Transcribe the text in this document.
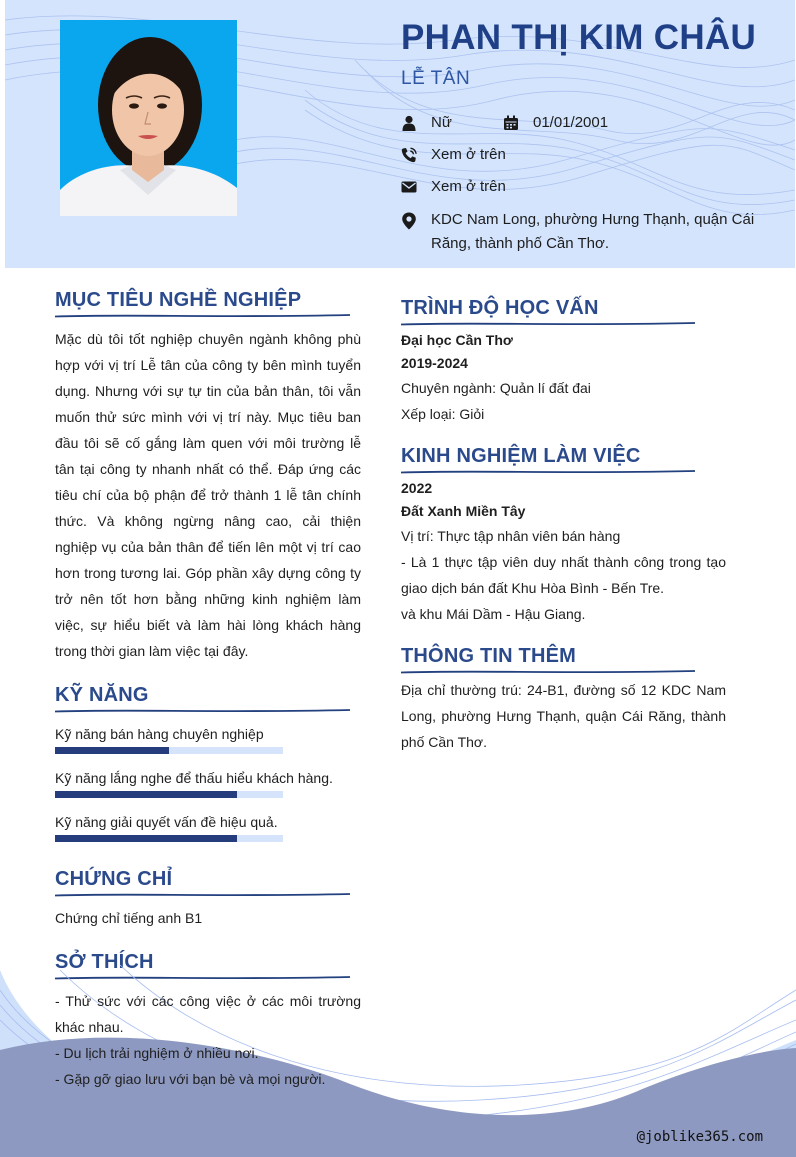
PHAN THỊ KIM CHÂU
LỄ TÂN
Nữ	01/01/2001
Xem ở trên
Xem ở trên
KDC Nam Long, phường Hưng Thạnh, quận Cái Răng, thành phố Cần Thơ.
MỤC TIÊU NGHỀ NGHIỆP
Mặc dù tôi tốt nghiệp chuyên ngành không phù hợp với vị trí Lễ tân của công ty bên mình tuyển dụng. Nhưng với sự tự tin của bản thân, tôi vẫn muốn thử sức mình với vị trí này. Mục tiêu ban đầu tôi sẽ cố gắng làm quen với môi trường lễ tân tại công ty nhanh nhất có thể. Đáp ứng các tiêu chí của bộ phận để trở thành 1 lễ tân chính thức. Và không ngừng nâng cao, cải thiện nghiệp vụ của bản thân để tiến lên một vị trí cao hơn trong tương lai. Góp phần xây dựng công ty trở nên tốt hơn bằng những kinh nghiệm làm việc, sự hiểu biết và làm hài lòng khách hàng trong thời gian làm việc tại đây.
KỸ NĂNG
Kỹ năng bán hàng chuyên nghiệp
Kỹ năng lắng nghe để thấu hiểu khách hàng.
Kỹ năng giải quyết vấn đề hiệu quả.
CHỨNG CHỈ
Chứng chỉ tiếng anh B1
SỞ THÍCH
- Thử sức với các công việc ở các môi trường khác nhau.
- Du lịch trải nghiệm ở nhiều nơi.
- Gặp gỡ giao lưu với bạn bè và mọi người.
TRÌNH ĐỘ HỌC VẤN
Đại học Cần Thơ
2019-2024
Chuyên ngành: Quản lí đất đai
Xếp loại: Giỏi
KINH NGHIỆM LÀM VIỆC
2022
Đất Xanh Miền Tây
Vị trí: Thực tập nhân viên bán hàng
- Là 1 thực tập viên duy nhất thành công trong tạo giao dịch bán đất Khu Hòa Bình - Bến Tre.
và khu Mái Dầm - Hậu Giang.
THÔNG TIN THÊM
Địa chỉ thường trú: 24-B1, đường số 12 KDC Nam Long, phường Hưng Thạnh, quận Cái Răng, thành phố Cần Thơ.
@joblike365.com
